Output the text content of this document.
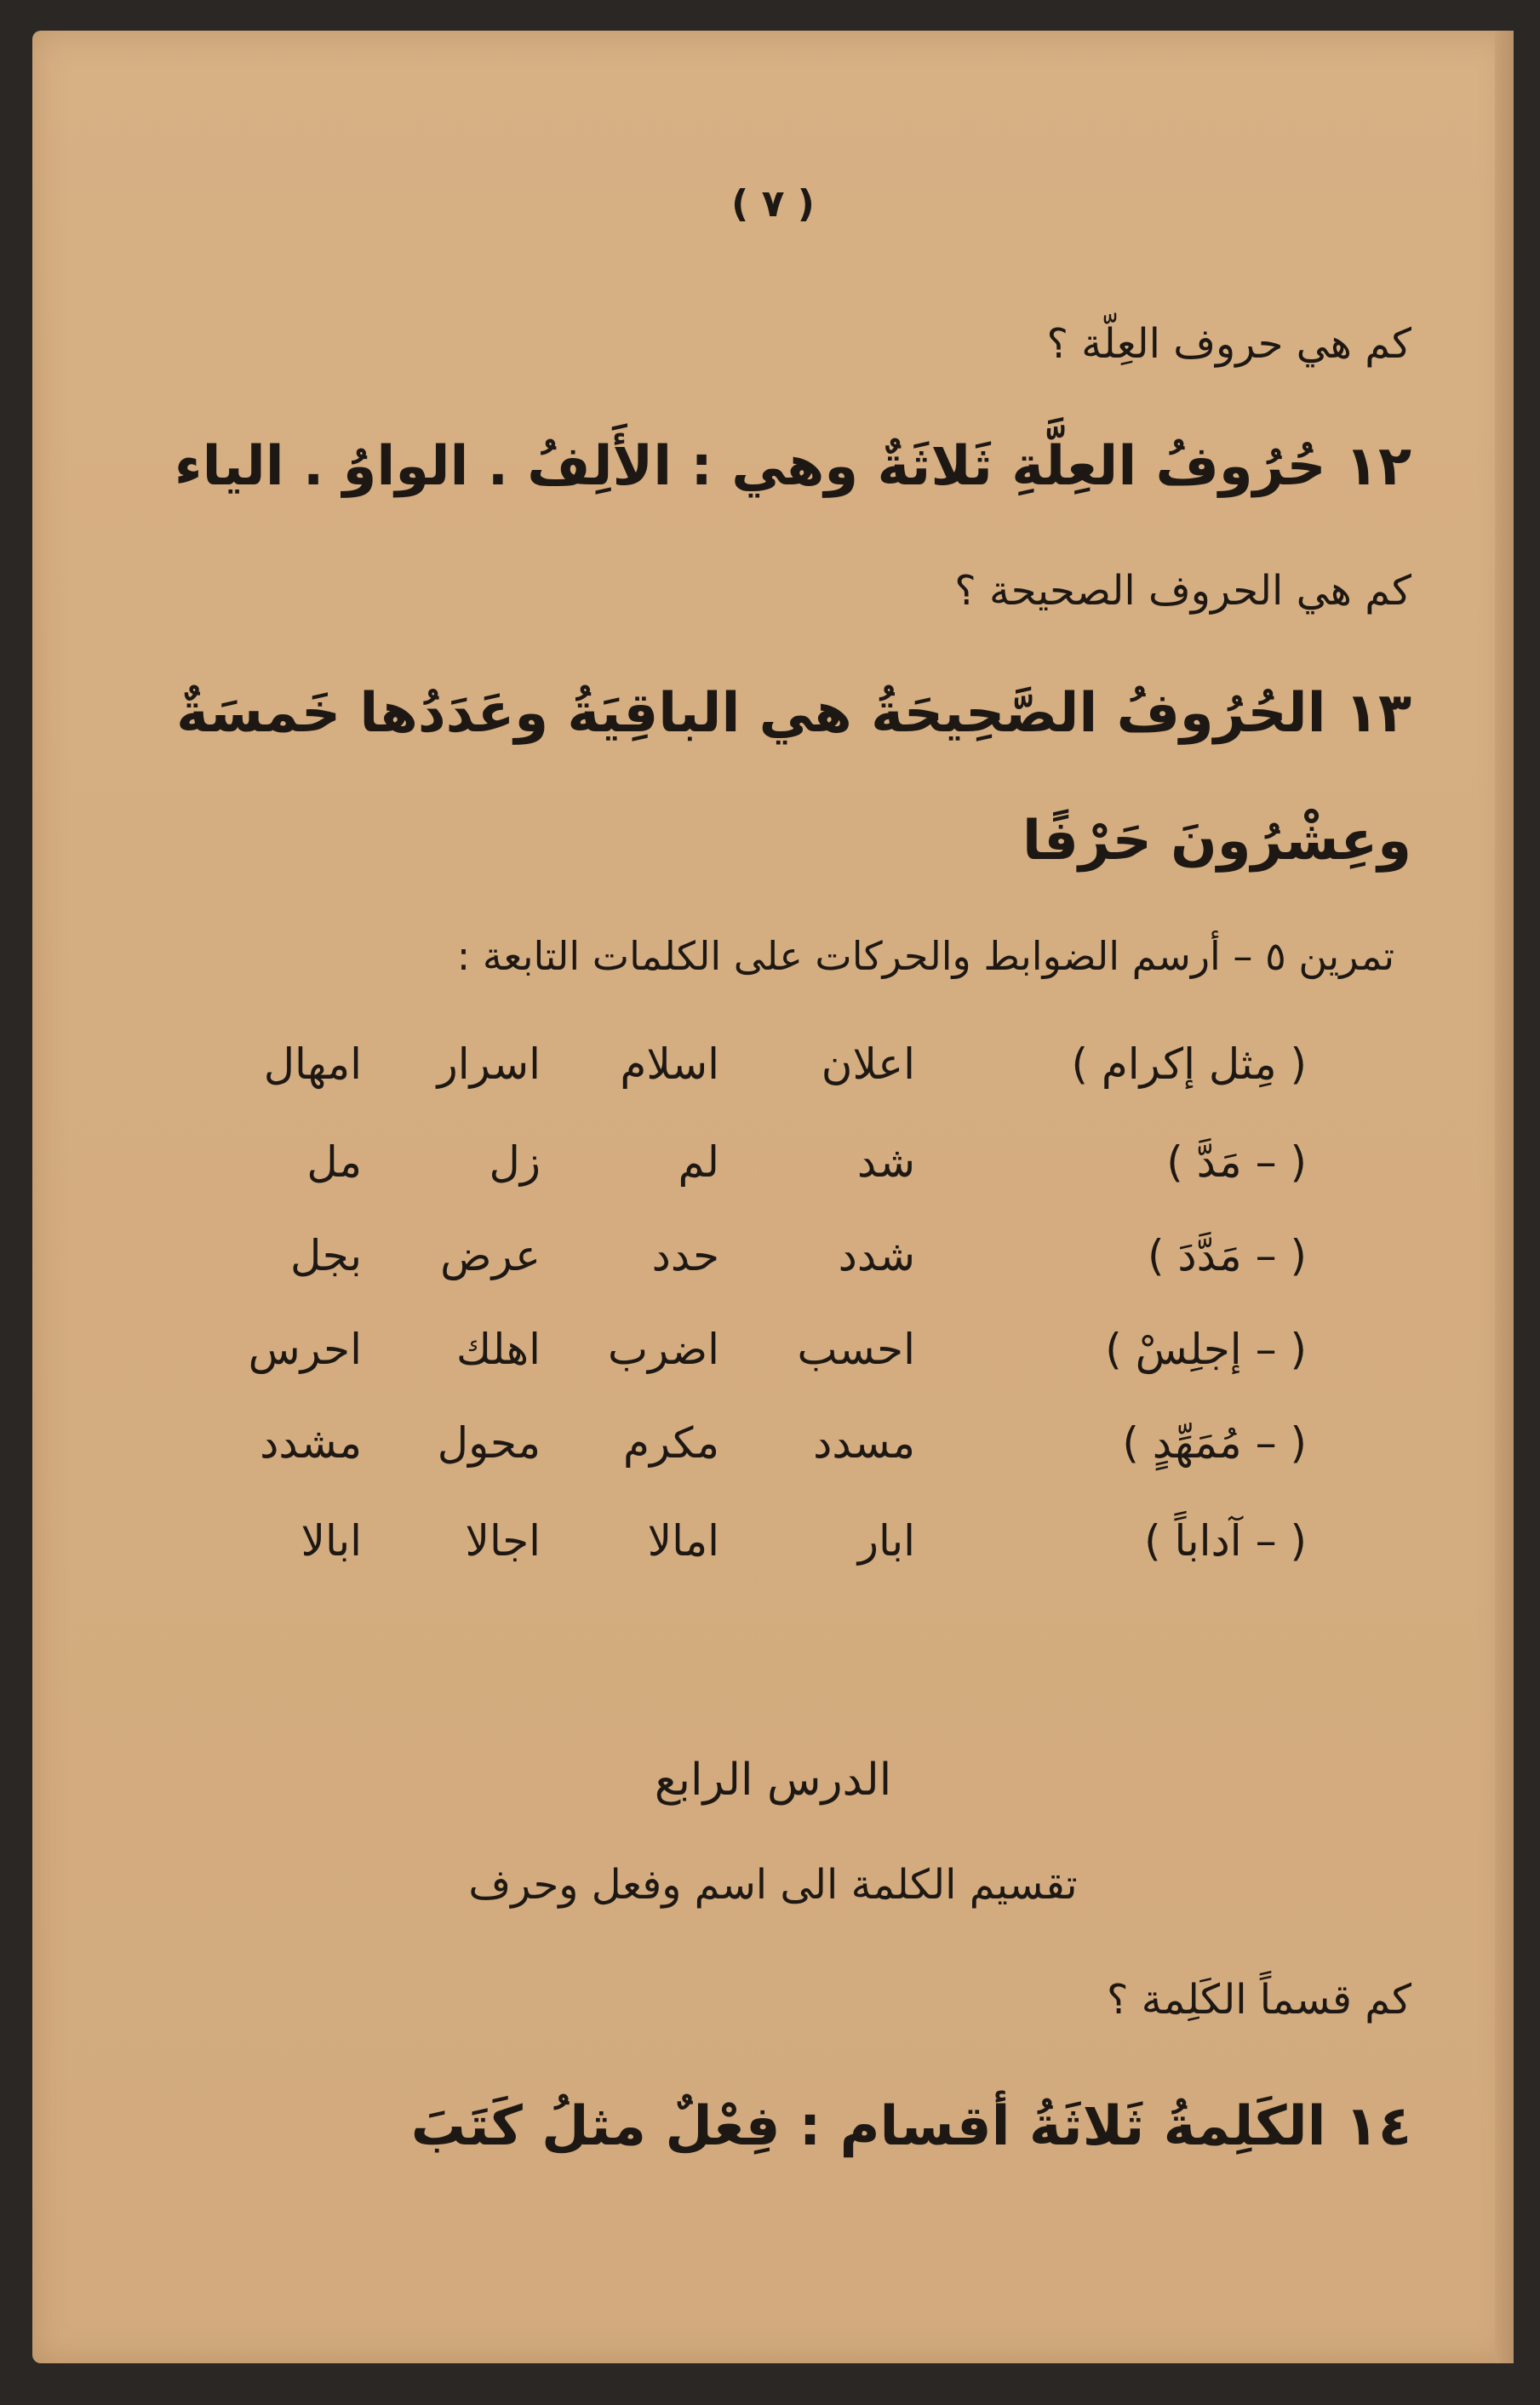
( ٧ )
كم هي حروف العِلّة ؟
١٢ حُرُوفُ العِلَّةِ ثَلاثَةٌ وهي : الأَلِفُ . الواوُ . الياء
كم هي الحروف الصحيحة ؟
١٣ الحُرُوفُ الصَّحِيحَةُ هي الباقِيَةُ وعَدَدُها خَمسَةٌ
وعِشْرُونَ حَرْفًا
تمرين ٥ – أرسم الضوابط والحركات على الكلمات التابعة :
( مِثل إكرام )
اعلان
اسلام
اسرار
امهال
( – مَدَّ )
شد
لم
زل
مل
( – مَدَّدَ )
شدد
حدد
عرض
بجل
( – إجلِسْ )
احسب
اضرب
اهلك
احرس
( – مُمَهِّدٍ )
مسدد
مكرم
محول
مشدد
( – آداباً )
ابار
امالا
اجالا
ابالا
الدرس الرابع
تقسيم الكلمة الى اسم وفعل وحرف
كم قسماً الكَلِمة ؟
١٤ الكَلِمةُ ثَلاثَةُ أقسام : فِعْلٌ مثلُ كَتَبَ
